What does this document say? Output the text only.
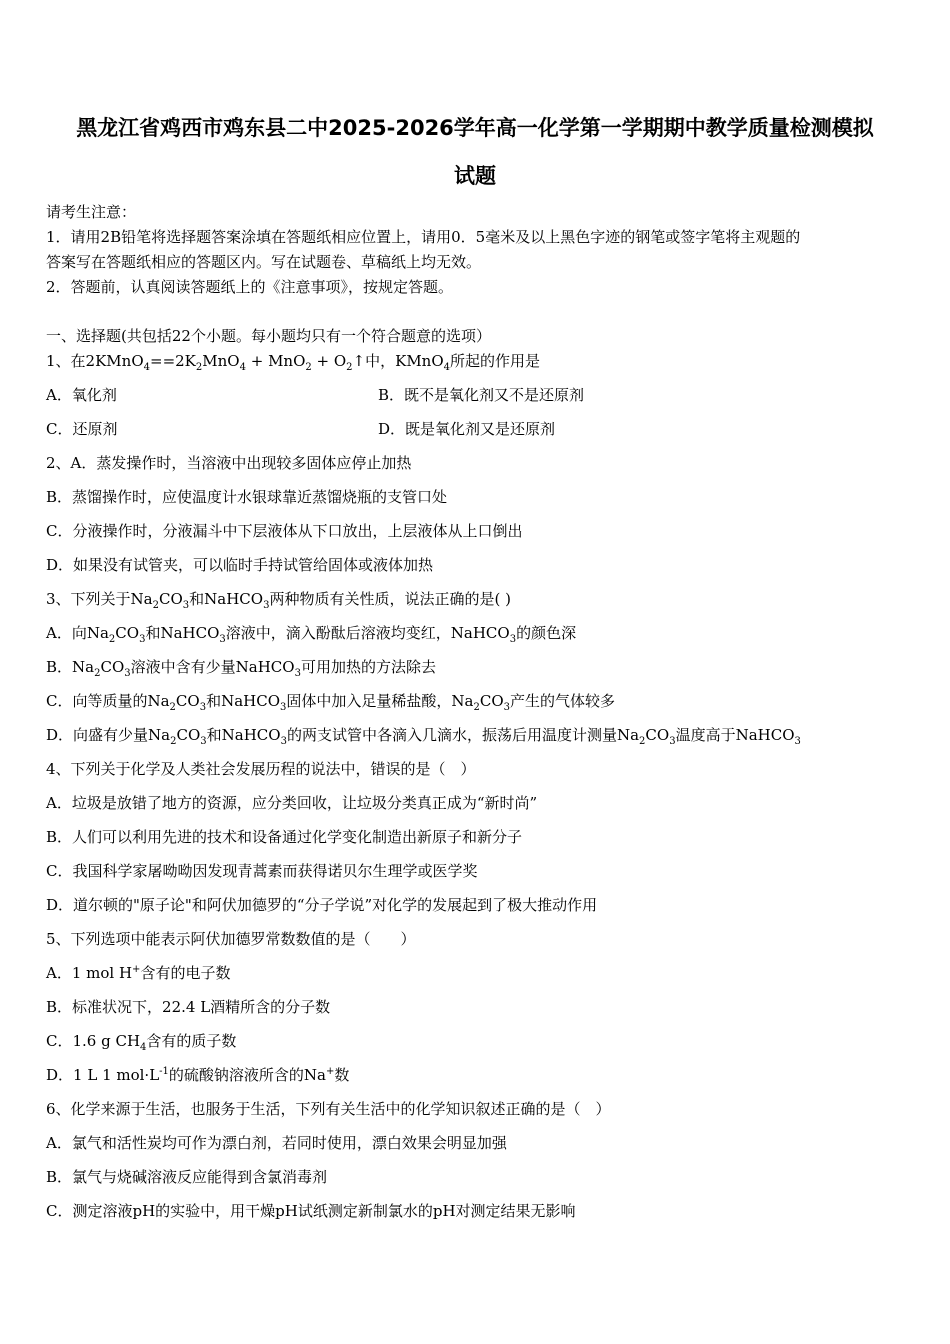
黑龙江省鸡西市鸡东县二中2025-2026学年高一化学第一学期期中教学质量检测模拟
试题
请考生注意：
1．请用2B铅笔将选择题答案涂填在答题纸相应位置上，请用0．5毫米及以上黑色字迹的钢笔或签字笔将主观题的
答案写在答题纸相应的答题区内。写在试题卷、草稿纸上均无效。
2．答题前，认真阅读答题纸上的《注意事项》，按规定答题。
一、选择题(共包括22个小题。每小题均只有一个符合题意的选项）
1、在$2KMnO_4==2K_2MnO_4 + MnO_2$ + $O_2↑$中，KMnO$_4$所起的作用是
A．氧化剂	B．既不是氧化剂又不是还原剂
C．还原剂	D．既是氧化剂又是还原剂
2、A．蒸发操作时，当溶液中出现较多固体应停止加热
B．蒸馏操作时，应使温度计水银球靠近蒸馏烧瓶的支管口处
C．分液操作时，分液漏斗中下层液体从下口放出，上层液体从上口倒出
D．如果没有试管夹，可以临时手持试管给固体或液体加热
3、下列关于$Na_2CO_3$和NaHCO$_3$两种物质有关性质，说法正确的是( )
A．向$Na_2CO_3$和NaHCO$_3$溶液中，滴入酚酞后溶液均变红，NaHCO$_3$的颜色深
B．$Na_2CO_3$溶液中含有少量NaHCO$_3$可用加热的方法除去
C．向等质量的$Na_2CO_3$和NaHCO$_3$固体中加入足量稀盐酸，$Na_2CO_3$产生的气体较多
D．向盛有少量$Na_2CO_3$和NaHCO$_3$的两支试管中各滴入几滴水，振荡后用温度计测量$Na_2CO_3$温度高于NaHCO$_3$
4、下列关于化学及人类社会发展历程的说法中，错误的是（　）
A．垃圾是放错了地方的资源，应分类回收，让垃圾分类真正成为“新时尚”
B．人们可以利用先进的技术和设备通过化学变化制造出新原子和新分子
C．我国科学家屠呦呦因发现青蒿素而获得诺贝尔生理学或医学奖
D．道尔顿的"原子论"和阿伏加德罗的“分子学说”对化学的发展起到了极大推动作用
5、下列选项中能表示阿伏加德罗常数数值的是（　　）
A．1 mol H+含有的电子数
B．标准状况下，22.4 L酒精所含的分子数
C．1.6 g $CH_4$含有的质子数
D．1 L 1 $mol\cdot L^{-1}$的硫酸钠溶液所含的Na+数
6、化学来源于生活，也服务于生活，下列有关生活中的化学知识叙述正确的是（　）
A．氯气和活性炭均可作为漂白剂，若同时使用，漂白效果会明显加强
B．氯气与烧碱溶液反应能得到含氯消毒剂
C．测定溶液pH的实验中，用干燥pH试纸测定新制氯水的pH对测定结果无影响
